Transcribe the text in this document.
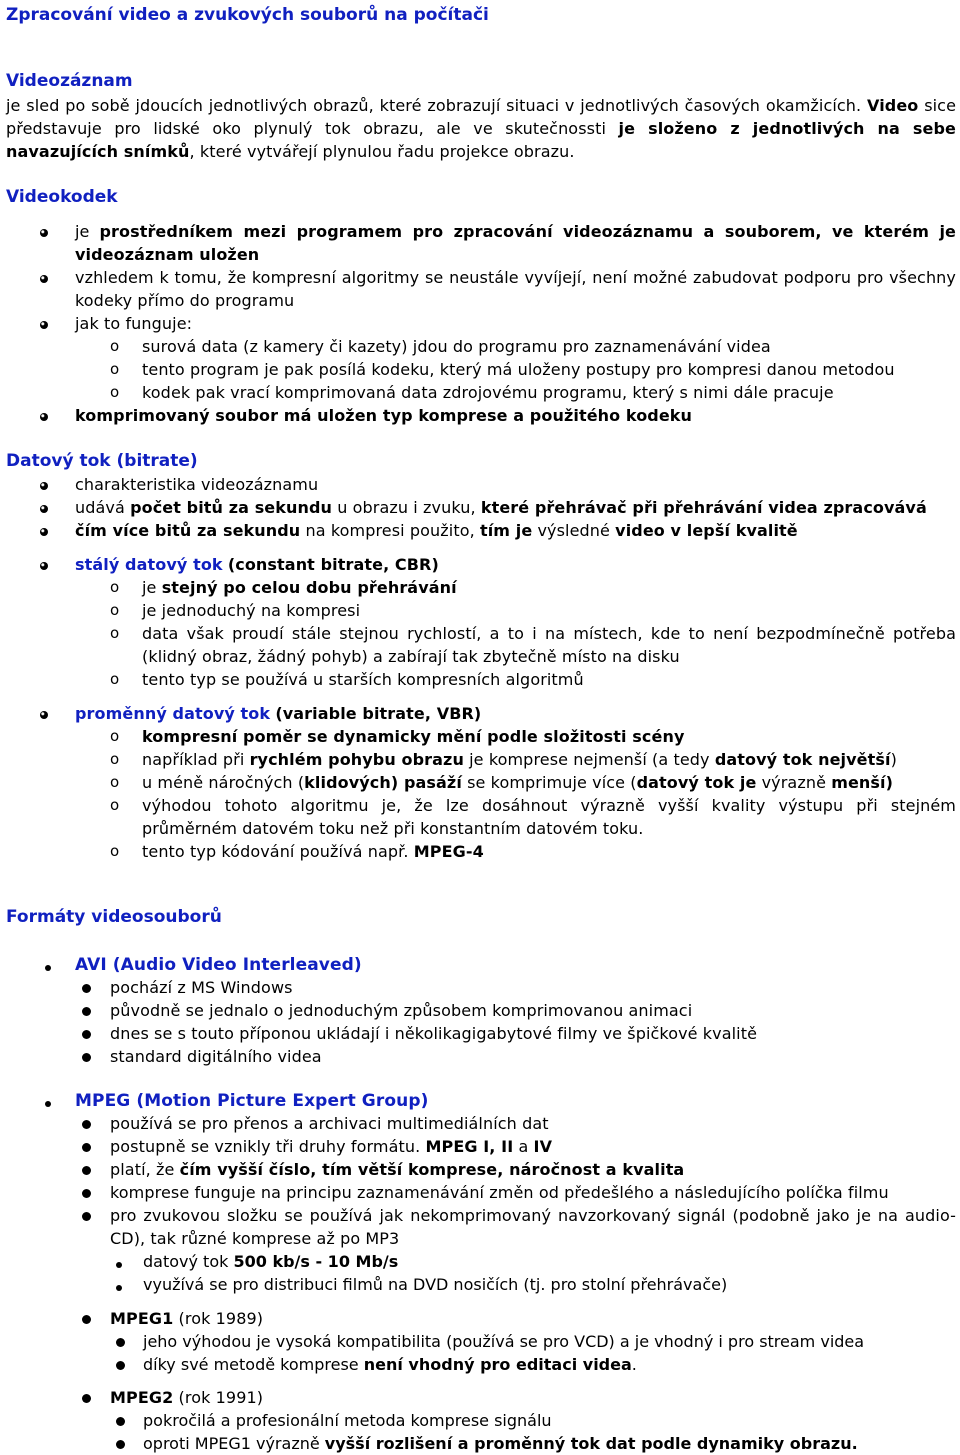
Zpracování video a zvukových souborů na počítači
Videozáznam
je sled po sobě jdoucích jednotlivých obrazů, které zobrazují situaci v jednotlivých časových okamžicích. Video sice představuje pro lidské oko plynulý tok obrazu, ale ve skutečnossti je složeno z jednotlivých na sebe navazujících snímků, které vytvářejí plynulou řadu projekce obrazu.
Videokodek
je prostředníkem mezi programem pro zpracování videozáznamu a souborem, ve kterém je videozáznam uložen
vzhledem k tomu, že kompresní algoritmy se neustále vyvíjejí, není možné zabudovat podporu pro všechny kodeky přímo do programu
jak to funguje:
o surová data (z kamery či kazety) jdou do programu pro zaznamenávání videa
o tento program je pak posílá kodeku, který má uloženy postupy pro kompresi danou metodou
o kodek pak vrací komprimovaná data zdrojovému programu, který s nimi dále pracuje
komprimovaný soubor má uložen typ komprese a použitého kodeku
Datový tok (bitrate)
charakteristika videozáznamu
udává počet bitů za sekundu u obrazu i zvuku, které přehrávač při přehrávání videa zpracovává
čím více bitů za sekundu na kompresi použito, tím je výsledné video v lepší kvalitě
stálý datový tok (constant bitrate, CBR)
o je stejný po celou dobu přehrávání
o je jednoduchý na kompresi
o data však proudí stále stejnou rychlostí, a to i na místech, kde to není bezpodmínečně potřeba (klidný obraz, žádný pohyb) a zabírají tak zbytečně místo na disku
o tento typ se používá u starších kompresních algoritmů
proměnný datový tok (variable bitrate, VBR)
o kompresní poměr se dynamicky mění podle složitosti scény
o například při rychlém pohybu obrazu je komprese nejmenší (a tedy datový tok největší)
o u méně náročných (klidových) pasáží se komprimuje více (datový tok je výrazně menší)
o výhodou tohoto algoritmu je, že lze dosáhnout výrazně vyšší kvality výstupu při stejném průměrném datovém toku než při konstantním datovém toku.
o tento typ kódování používá např. MPEG-4
Formáty videosouborů
AVI (Audio Video Interleaved)
pochází z MS Windows
původně se jednalo o jednoduchým způsobem komprimovanou animaci
dnes se s touto příponou ukládají i několikagigabytové filmy ve špičkové kvalitě
standard digitálního videa
MPEG (Motion Picture Expert Group)
používá se pro přenos a archivaci multimediálních dat
postupně se vznikly tři druhy formátu. MPEG I, II a IV
platí, že čím vyšší číslo, tím větší komprese, náročnost a kvalita
komprese funguje na principu zaznamenávání změn od předešlého a následujícího políčka filmu
pro zvukovou složku se používá jak nekomprimovaný navzorkovaný signál (podobně jako je na audio-CD), tak různé komprese až po MP3
datový tok 500 kb/s - 10 Mb/s
využívá se pro distribuci filmů na DVD nosičích (tj. pro stolní přehrávače)
MPEG1 (rok 1989)
jeho výhodou je vysoká kompatibilita (používá se pro VCD) a je vhodný i pro stream videa
díky své metodě komprese není vhodný pro editaci videa.
MPEG2 (rok 1991)
pokročilá a profesionální metoda komprese signálu
oproti MPEG1 výrazně vyšší rozlišení a proměnný tok dat podle dynamiky obrazu.
